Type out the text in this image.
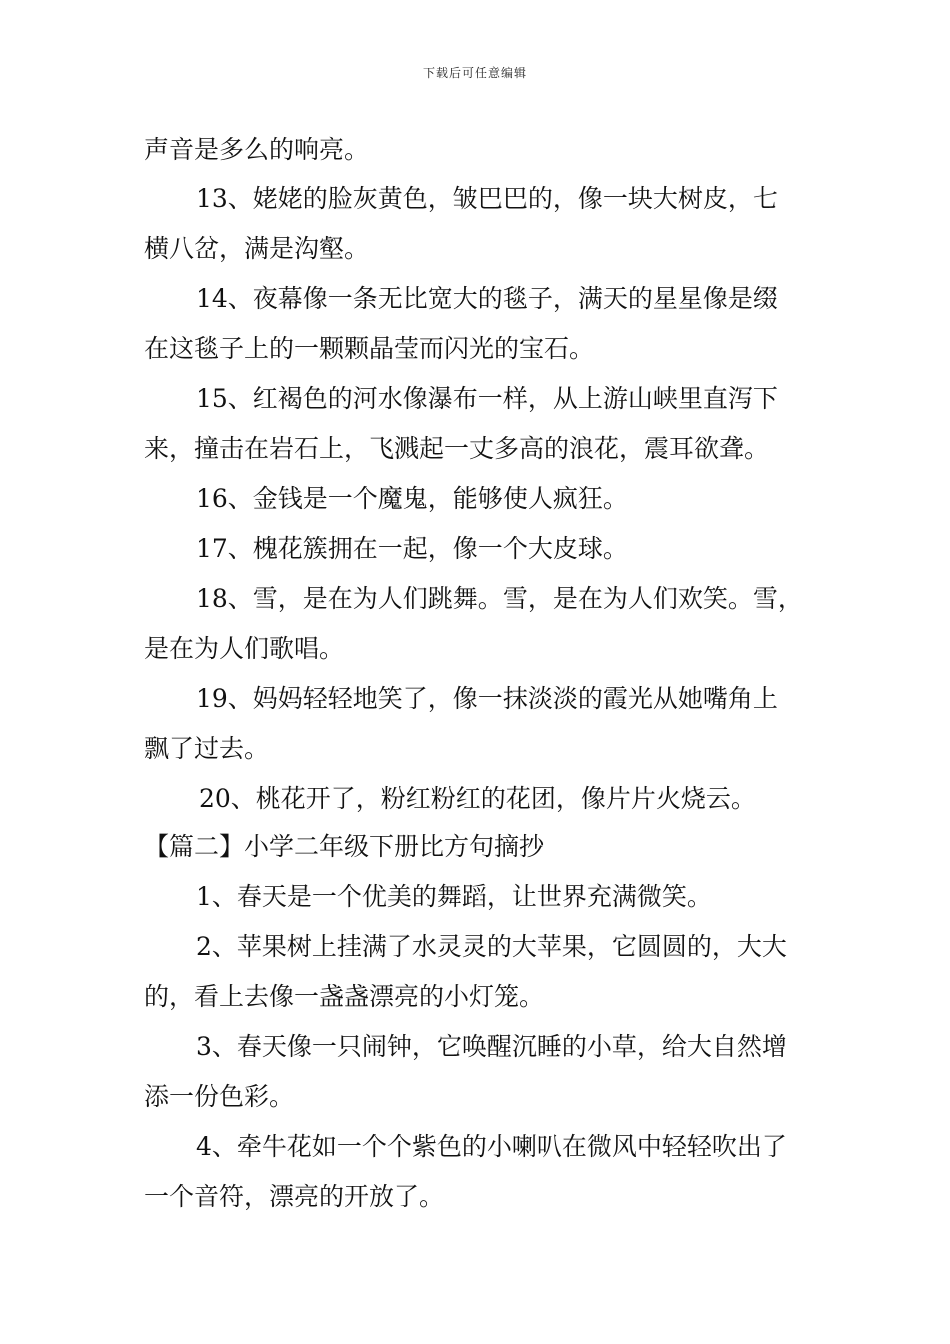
下载后可任意编辑
声音是多么的响亮。
13、姥姥的脸灰黄色，皱巴巴的，像一块大树皮，七
横八岔，满是沟壑。
14、夜幕像一条无比宽大的毯子，满天的星星像是缀
在这毯子上的一颗颗晶莹而闪光的宝石。
15、红褐色的河水像瀑布一样，从上游山峡里直泻下
来，撞击在岩石上，飞溅起一丈多高的浪花，震耳欲聋。
16、金钱是一个魔鬼，能够使人疯狂。
17、槐花簇拥在一起，像一个大皮球。
18、雪，是在为人们跳舞。雪，是在为人们欢笑。雪，
是在为人们歌唱。
19、妈妈轻轻地笑了，像一抹淡淡的霞光从她嘴角上
飘了过去。
20、桃花开了，粉红粉红的花团，像片片火烧云。
【篇二】小学二年级下册比方句摘抄
1、春天是一个优美的舞蹈，让世界充满微笑。
2、苹果树上挂满了水灵灵的大苹果，它圆圆的，大大
的，看上去像一盏盏漂亮的小灯笼。
3、春天像一只闹钟，它唤醒沉睡的小草，给大自然增
添一份色彩。
4、牵牛花如一个个紫色的小喇叭在微风中轻轻吹出了
一个音符，漂亮的开放了。
